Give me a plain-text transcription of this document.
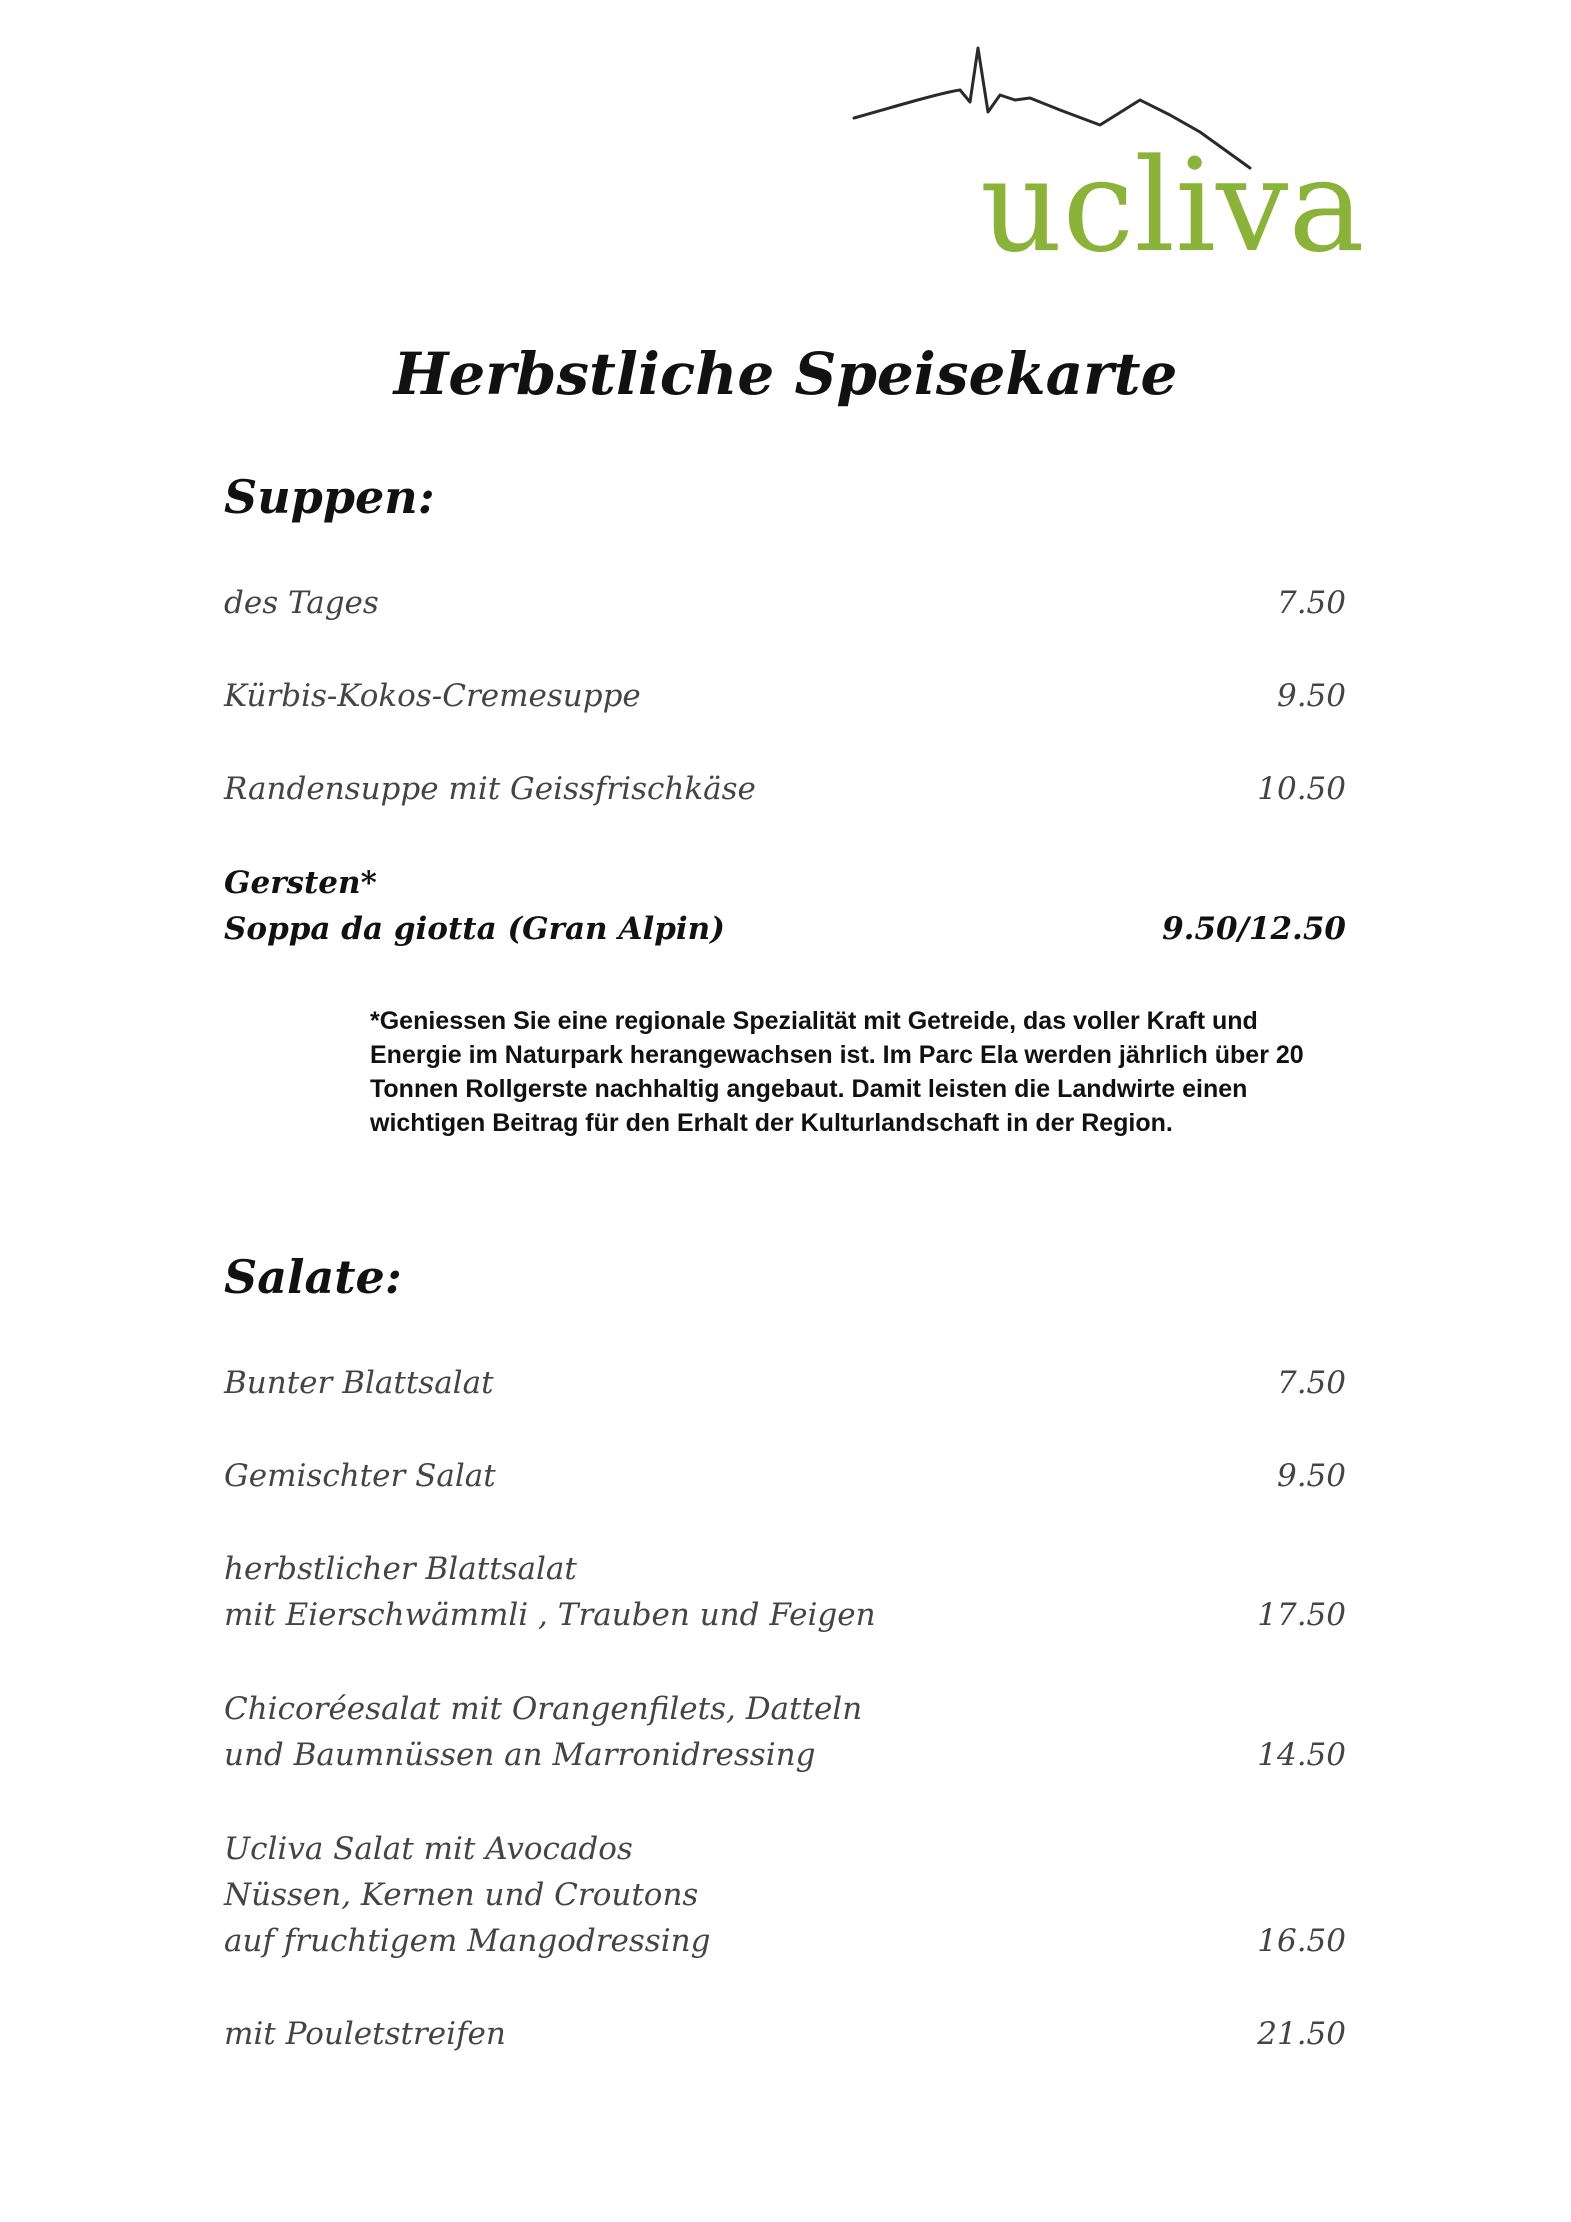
ucliva
Herbstliche Speisekarte
Suppen:
des Tages	7.50
Kürbis-Kokos-Cremesuppe	9.50
Randensuppe mit Geissfrischkäse	10.50
Gersten*
Soppa da giotta (Gran Alpin)	9.50/12.50
*Geniessen Sie eine regionale Spezialität mit Getreide, das voller Kraft und Energie im Naturpark herangewachsen ist. Im Parc Ela werden jährlich über 20 Tonnen Rollgerste nachhaltig angebaut. Damit leisten die Landwirte einen wichtigen Beitrag für den Erhalt der Kulturlandschaft in der Region.
Salate:
Bunter Blattsalat	7.50
Gemischter Salat	9.50
herbstlicher Blattsalat
mit Eierschwämmli , Trauben und Feigen	17.50
Chicoréesalat mit Orangenfilets, Datteln
und Baumnüssen an Marronidressing	14.50
Ucliva Salat mit Avocados
Nüssen, Kernen und Croutons
auf fruchtigem Mangodressing	16.50
mit Pouletstreifen	21.50
